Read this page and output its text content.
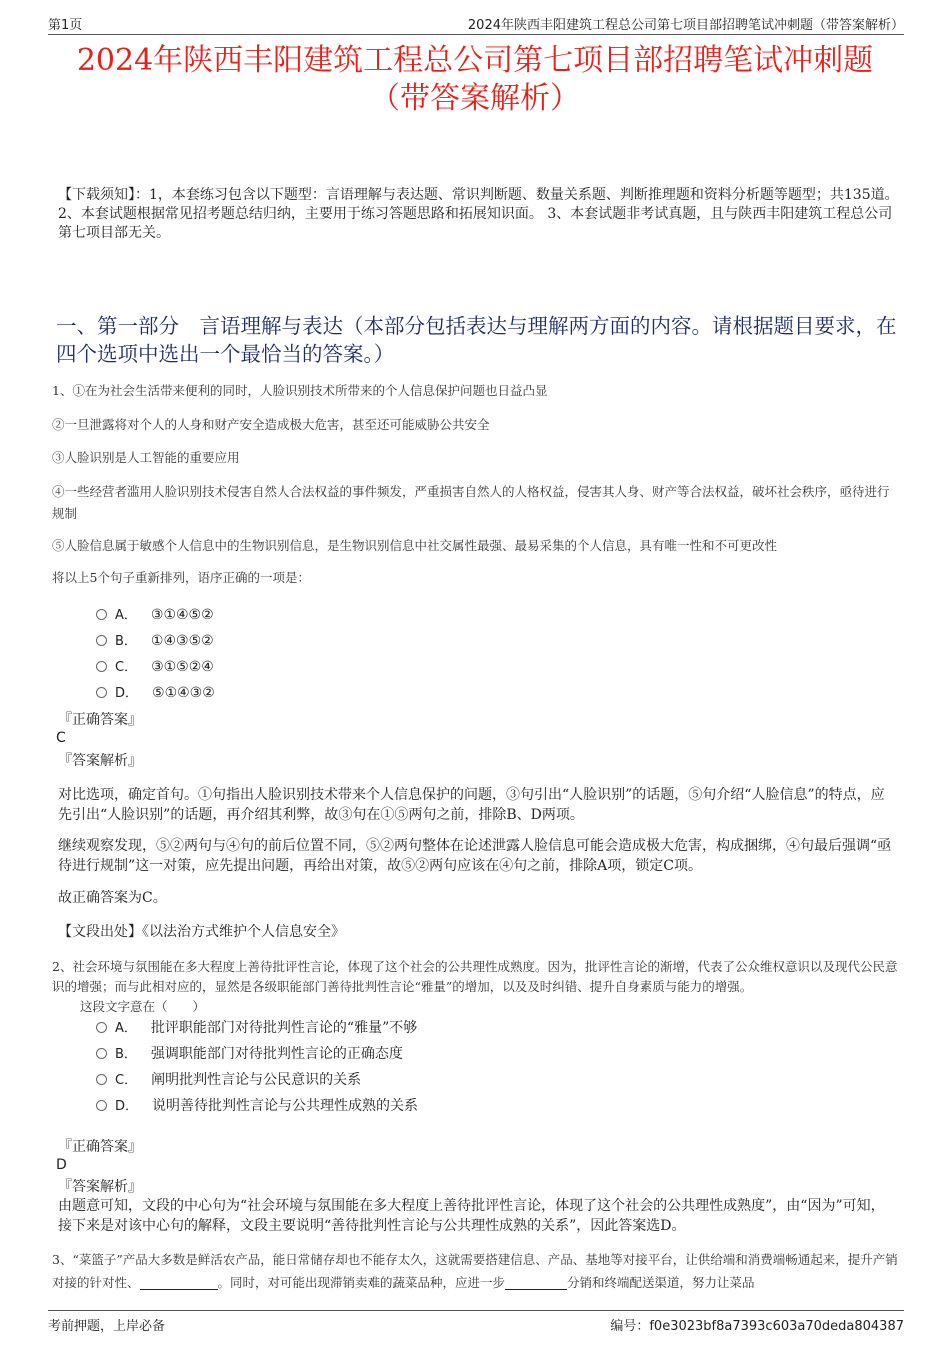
第1页	2024年陕西丰阳建筑工程总公司第七项目部招聘笔试冲刺题（带答案解析）
2024年陕西丰阳建筑工程总公司第七项目部招聘笔试冲刺题
（带答案解析）
【下载须知】：1，本套练习包含以下题型：言语理解与表达题、常识判断题、数量关系题、判断推理题和资料分析题等题型；共135道。 2、本套试题根据常见招考题总结归纳，主要用于练习答题思路和拓展知识面。 3、本套试题非考试真题，且与陕西丰阳建筑工程总公司第七项目部无关。
一、第一部分　言语理解与表达（本部分包括表达与理解两方面的内容。请根据题目要求，在四个选项中选出一个最恰当的答案。）
1、①在为社会生活带来便利的同时，人脸识别技术所带来的个人信息保护问题也日益凸显
②一旦泄露将对个人的人身和财产安全造成极大危害，甚至还可能威胁公共安全
③人脸识别是人工智能的重要应用
④一些经营者滥用人脸识别技术侵害自然人合法权益的事件频发，严重损害自然人的人格权益，侵害其人身、财产等合法权益，破坏社会秩序，亟待进行规制
⑤人脸信息属于敏感个人信息中的生物识别信息，是生物识别信息中社交属性最强、最易采集的个人信息，具有唯一性和不可更改性
将以上5个句子重新排列，语序正确的一项是：
A． ③①④⑤②
B． ①④③⑤②
C． ③①⑤②④
D． ⑤①④③②
『正确答案』
C
『答案解析』
对比选项，确定首句。①句指出人脸识别技术带来个人信息保护的问题，③句引出“人脸识别”的话题，⑤句介绍“人脸信息”的特点，应先引出“人脸识别”的话题，再介绍其利弊，故③句在①⑤两句之前，排除B、D两项。
继续观察发现，⑤②两句与④句的前后位置不同，⑤②两句整体在论述泄露人脸信息可能会造成极大危害，构成捆绑，④句最后强调“亟待进行规制”这一对策，应先提出问题，再给出对策，故⑤②两句应该在④句之前，排除A项，锁定C项。
故正确答案为C。
【文段出处】《以法治方式维护个人信息安全》
2、社会环境与氛围能在多大程度上善待批评性言论，体现了这个社会的公共理性成熟度。因为，批评性言论的渐增，代表了公众维权意识以及现代公民意识的增强；而与此相对应的，显然是各级职能部门善待批判性言论“雅量”的增加，以及及时纠错、提升自身素质与能力的增强。
这段文字意在（　　）
A． 批评职能部门对待批判性言论的“雅量”不够
B． 强调职能部门对待批判性言论的正确态度
C． 阐明批判性言论与公民意识的关系
D． 说明善待批判性言论与公共理性成熟的关系
『正确答案』
D
『答案解析』
由题意可知，文段的中心句为“社会环境与氛围能在多大程度上善待批评性言论，体现了这个社会的公共理性成熟度”，由“因为”可知，接下来是对该中心句的解释，文段主要说明“善待批判性言论与公共理性成熟的关系”，因此答案选D。
3、“菜篮子”产品大多数是鲜活农产品，能日常储存却也不能存太久，这就需要搭建信息、产品、基地等对接平台，让供给端和消费端畅通起来，提升产销对接的针对性、	。同时，对可能出现滞销卖难的蔬菜品种，应进一步	分销和终端配送渠道，努力让菜品
考前押题，上岸必备	编号：f0e3023bf8a7393c603a70deda804387
